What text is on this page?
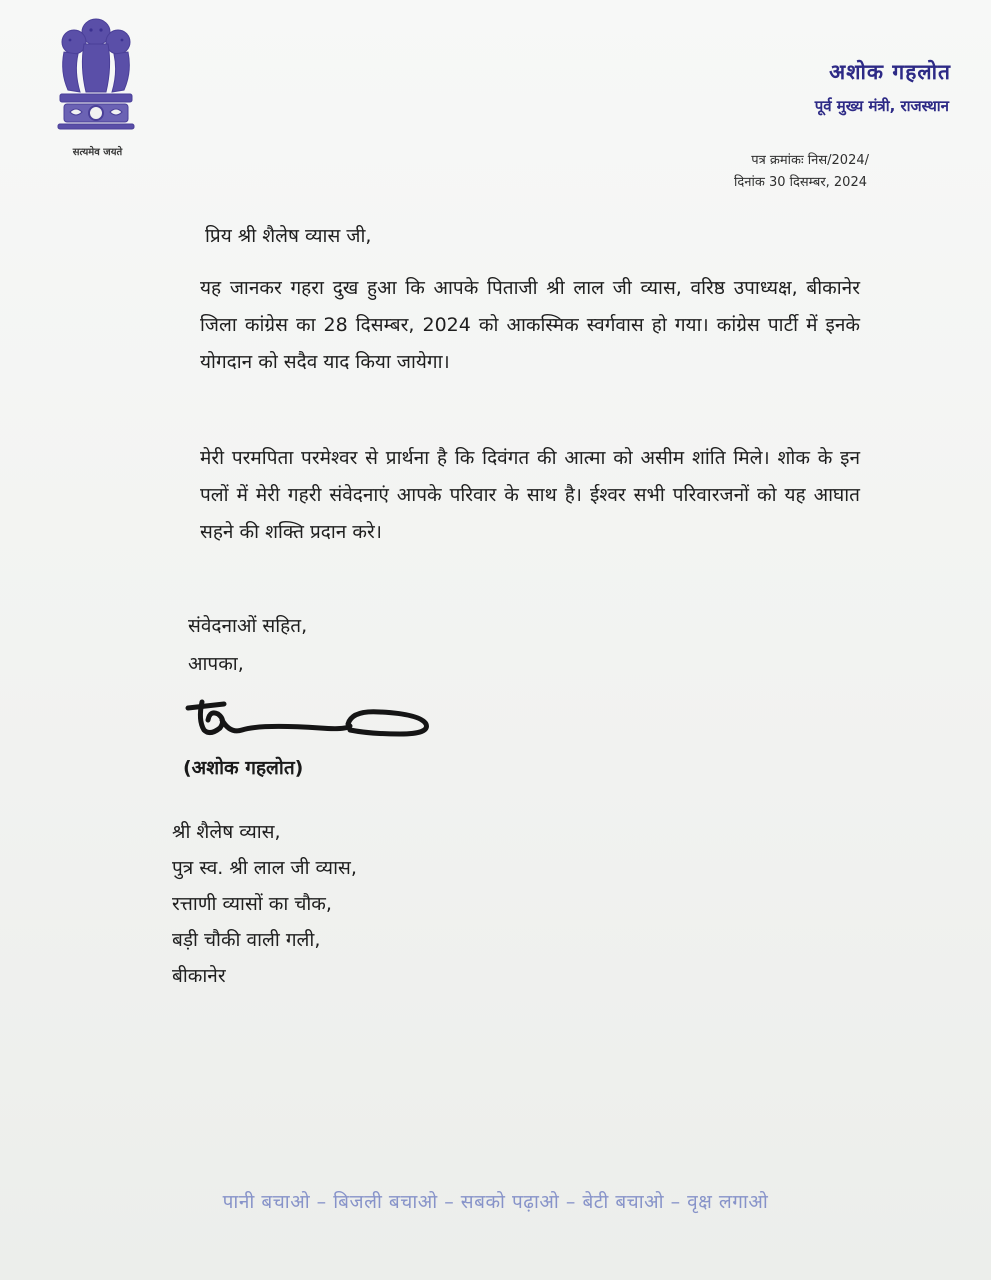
सत्यमेव जयते
अशोक गहलोत
पूर्व मुख्य मंत्री, राजस्थान
पत्र क्रमांकः निस/2024/
दिनांक 30 दिसम्बर, 2024
प्रिय श्री शैलेष व्यास जी,
यह जानकर गहरा दुख हुआ कि आपके पिताजी श्री लाल जी व्यास, वरिष्ठ उपाध्यक्ष, बीकानेर जिला कांग्रेस का 28 दिसम्बर, 2024 को आकस्मिक स्वर्गवास हो गया। कांग्रेस पार्टी में इनके योगदान को सदैव याद किया जायेगा।
मेरी परमपिता परमेश्वर से प्रार्थना है कि दिवंगत की आत्मा को असीम शांति मिले। शोक के इन पलों में मेरी गहरी संवेदनाएं आपके परिवार के साथ है। ईश्वर सभी परिवारजनों को यह आघात सहने की शक्ति प्रदान करे।
संवेदनाओं सहित,
आपका,
(अशोक गहलोत)
श्री शैलेष व्यास,
पुत्र स्व. श्री लाल जी व्यास,
रत्ताणी व्यासों का चौक,
बड़ी चौकी वाली गली,
बीकानेर
पानी बचाओ – बिजली बचाओ – सबको पढ़ाओ – बेटी बचाओ – वृक्ष लगाओ
